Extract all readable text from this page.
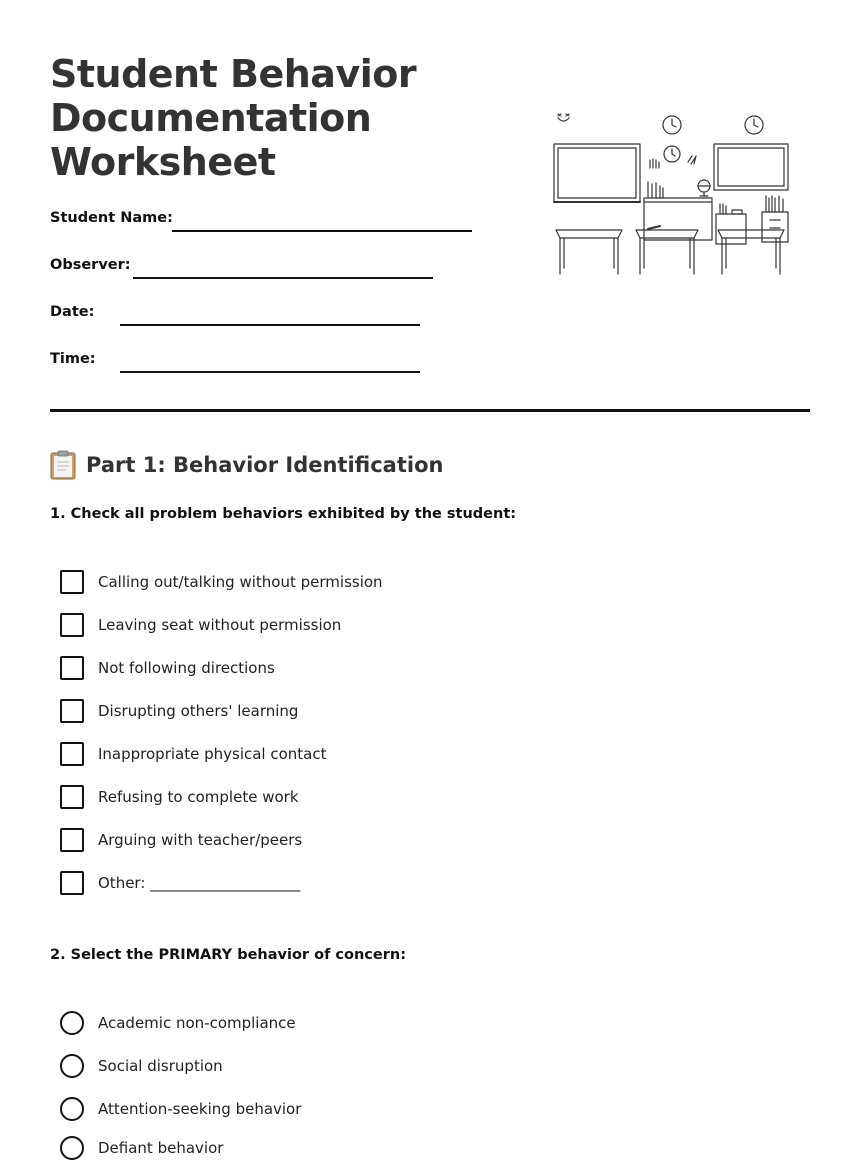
Student Behavior Documentation Worksheet
Student Name:
Observer:
Date:
Time:
Part 1: Behavior Identification
1. Check all problem behaviors exhibited by the student:
Calling out/talking without permission
Leaving seat without permission
Not following directions
Disrupting others' learning
Inappropriate physical contact
Refusing to complete work
Arguing with teacher/peers
Other: ____________________
2. Select the PRIMARY behavior of concern:
Academic non-compliance
Social disruption
Attention-seeking behavior
Defiant behavior
